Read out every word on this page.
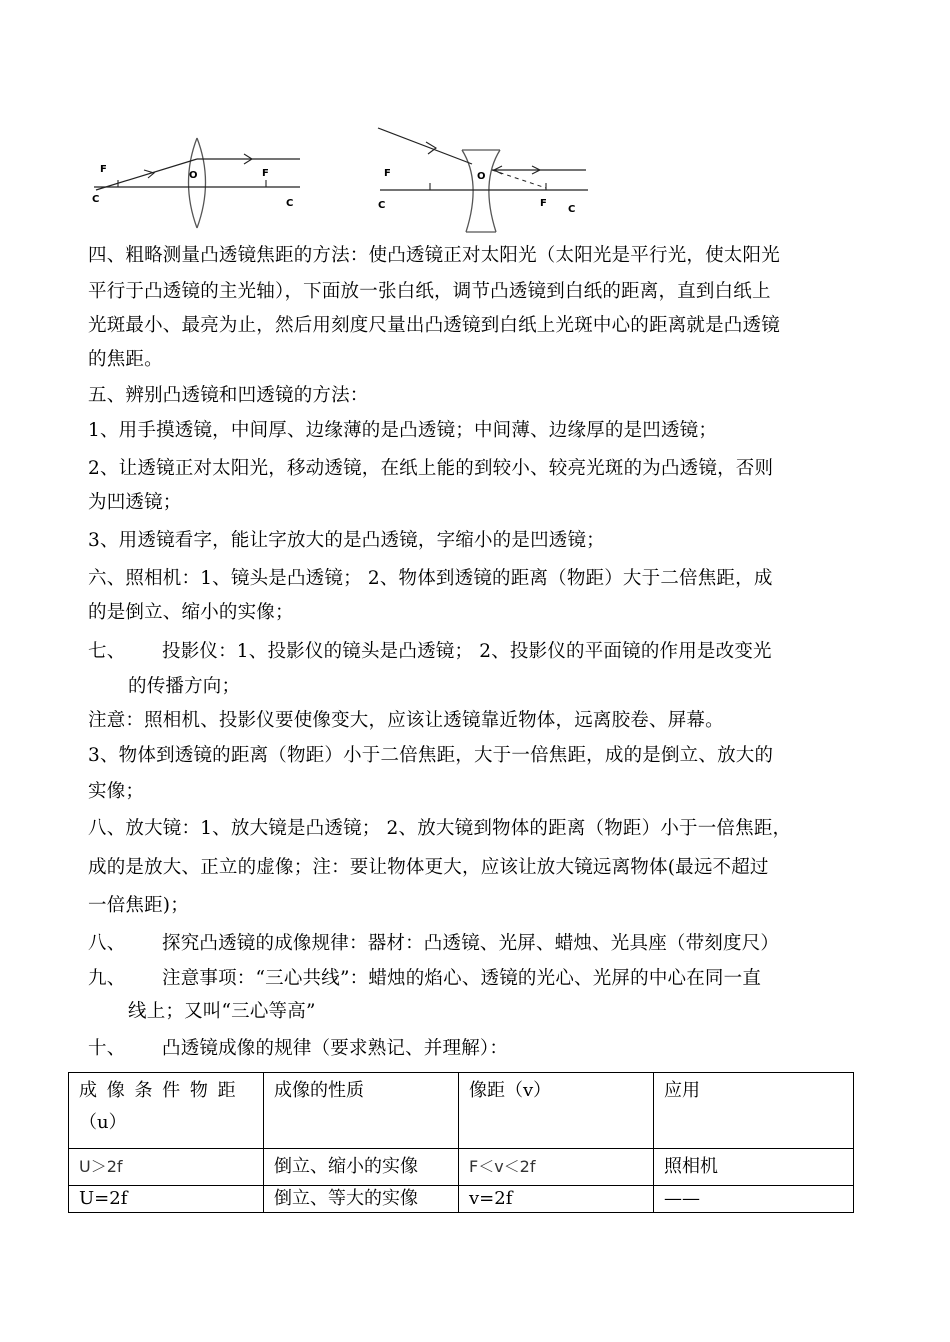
F
C
O	F
C
F
C
O
F
C
四、粗略测量凸透镜焦距的方法：使凸透镜正对太阳光（太阳光是平行光，使太阳光
平行于凸透镜的主光轴），下面放一张白纸，调节凸透镜到白纸的距离，直到白纸上
光斑最小、最亮为止，然后用刻度尺量出凸透镜到白纸上光斑中心的距离就是凸透镜
的焦距。
五、辨别凸透镜和凹透镜的方法：
1、用手摸透镜，中间厚、边缘薄的是凸透镜；中间薄、边缘厚的是凹透镜；
2、让透镜正对太阳光，移动透镜，在纸上能的到较小、较亮光斑的为凸透镜，否则
为凹透镜；
3、用透镜看字，能让字放大的是凸透镜，字缩小的是凹透镜；
六、照相机：1、镜头是凸透镜； 2、物体到透镜的距离（物距）大于二倍焦距，成
的是倒立、缩小的实像；
七、 投影仪：1、投影仪的镜头是凸透镜； 2、投影仪的平面镜的作用是改变光
的传播方向；
注意：照相机、投影仪要使像变大，应该让透镜靠近物体，远离胶卷、屏幕。
3、物体到透镜的距离（物距）小于二倍焦距，大于一倍焦距，成的是倒立、放大的
实像；
八、放大镜：1、放大镜是凸透镜； 2、放大镜到物体的距离（物距）小于一倍焦距，
成的是放大、正立的虚像；注：要让物体更大，应该让放大镜远离物体(最远不超过
一倍焦距)；
八、 探究凸透镜的成像规律：器材：凸透镜、光屏、蜡烛、光具座（带刻度尺）
九、 注意事项：“三心共线”：蜡烛的焰心、透镜的光心、光屏的中心在同一直
线上；又叫“三心等高”
十、 凸透镜成像的规律（要求熟记、并理解）：
成 像 条 件 物 距
（u）	成像的性质	像距（v）	应用
U＞2f	倒立、缩小的实像	F＜v＜2f	照相机
U=2f	倒立、等大的实像	v=2f	——
